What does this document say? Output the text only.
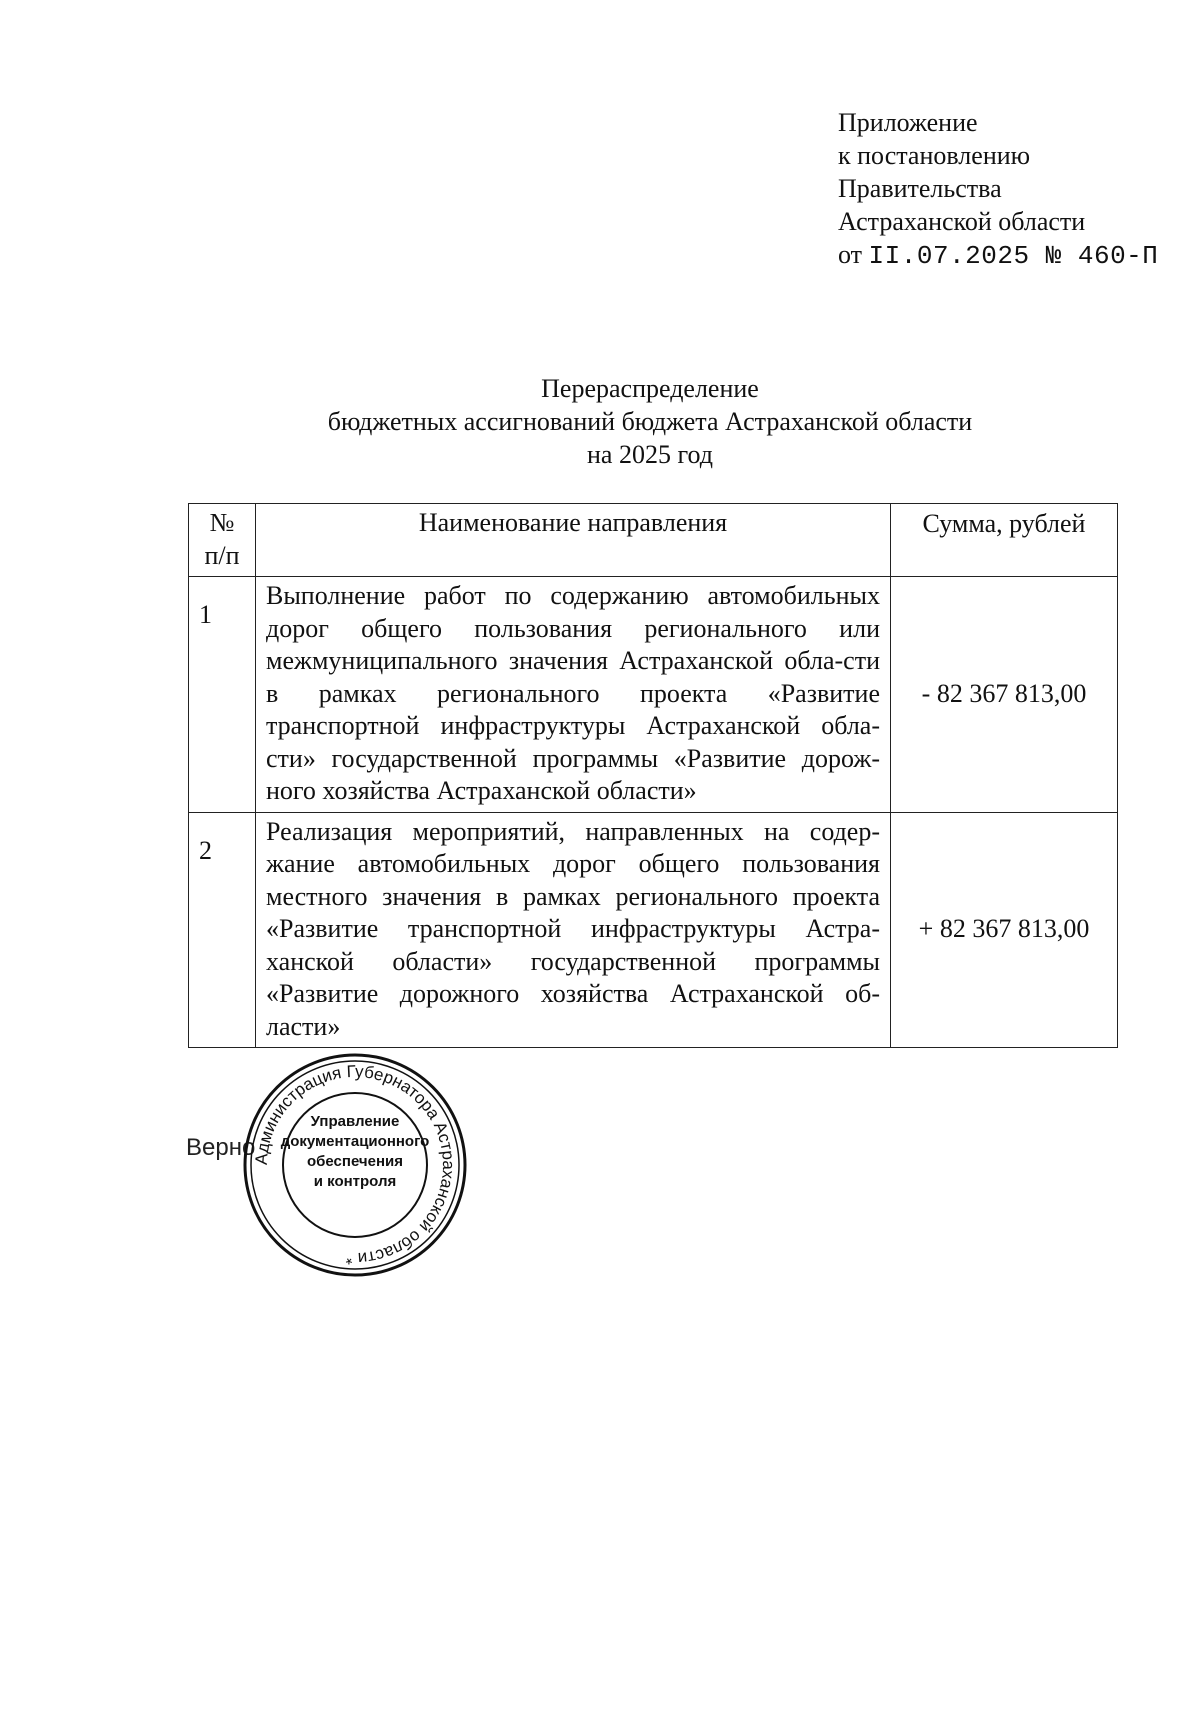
Приложение
к постановлению
Правительства
Астраханской области
от II.07.2025 № 460-П
Перераспределение
бюджетных ассигнований бюджета Астраханской области
на 2025 год
№
п/п	Наименование направления	Сумма, рублей
1	Выполнение работ по содержанию автомобильных дорог общего пользования регионального или межмуниципального значения Астраханской обла-сти в рамках регионального проекта «Развитие транспортной инфраструктуры Астраханской обла-сти» государственной программы «Развитие дорож-ного хозяйства Астраханской области»	- 82 367 813,00
2	Реализация мероприятий, направленных на содер-жание автомобильных дорог общего пользования местного значения в рамках регионального проекта «Развитие транспортной инфраструктуры Астра-ханской области» государственной программы «Развитие дорожного хозяйства Астраханской об-ласти»	+ 82 367 813,00
Верно
Администрация Губернатора Астраханской области *
Управление
документационного
обеспечения
и контроля
